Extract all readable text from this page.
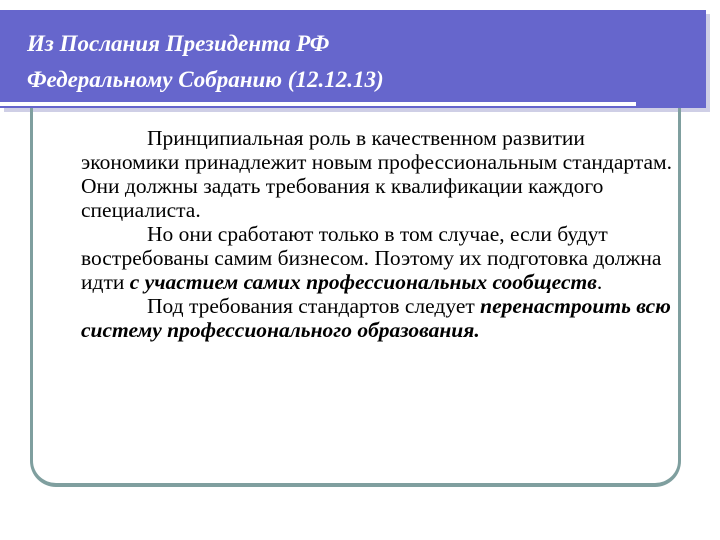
Из Послания Президента РФ
Федеральному Собранию (12.12.13)

Принципиальная роль в качественном развитии экономики принадлежит новым профессиональным стандартам. Они должны задать требования к квалификации каждого специалиста.

Но они сработают только в том случае, если будут востребованы самим бизнесом. Поэтому их подготовка должна идти с участием самих профессиональных сообществ.

Под требования стандартов следует перенастроить всю систему профессионального образования.
